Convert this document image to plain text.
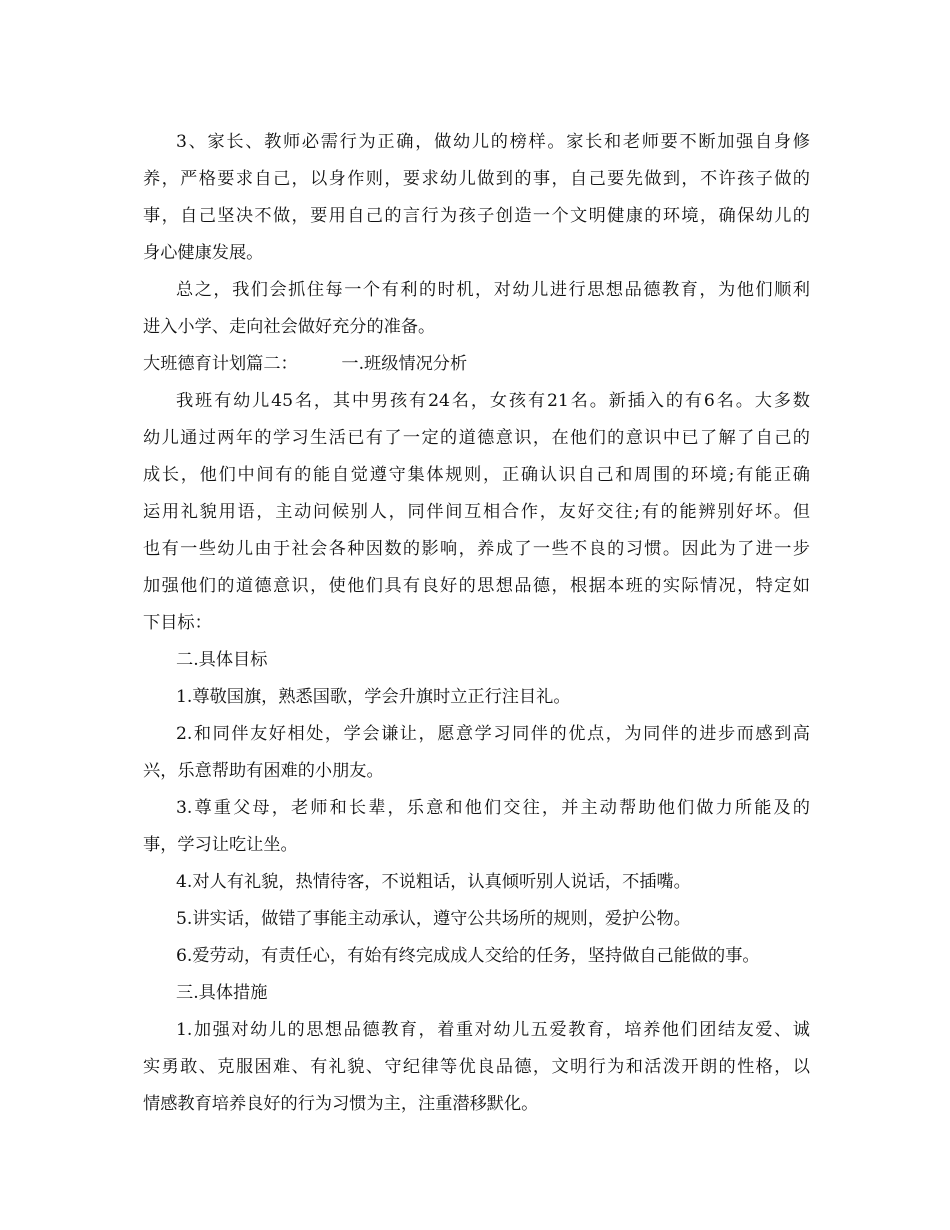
3、家长、教师必需行为正确，做幼儿的榜样。家长和老师要不断加强自身修
养，严格要求自己，以身作则，要求幼儿做到的事，自己要先做到，不许孩子做的
事，自己坚决不做，要用自己的言行为孩子创造一个文明健康的环境，确保幼儿的
身心健康发展。
总之，我们会抓住每一个有利的时机，对幼儿进行思想品德教育，为他们顺利
进入小学、走向社会做好充分的准备。
大班德育计划篇二：        一.班级情况分析
我班有幼儿45名，其中男孩有24名，女孩有21名。新插入的有6名。大多数
幼儿通过两年的学习生活已有了一定的道德意识，在他们的意识中已了解了自己的
成长，他们中间有的能自觉遵守集体规则，正确认识自己和周围的环境;有能正确
运用礼貌用语，主动问候别人，同伴间互相合作，友好交往;有的能辨别好坏。但
也有一些幼儿由于社会各种因数的影响，养成了一些不良的习惯。因此为了进一步
加强他们的道德意识，使他们具有良好的思想品德，根据本班的实际情况，特定如
下目标：
二.具体目标
1.尊敬国旗，熟悉国歌，学会升旗时立正行注目礼。
2.和同伴友好相处，学会谦让，愿意学习同伴的优点，为同伴的进步而感到高
兴，乐意帮助有困难的小朋友。
3.尊重父母，老师和长辈，乐意和他们交往，并主动帮助他们做力所能及的
事，学习让吃让坐。
4.对人有礼貌，热情待客，不说粗话，认真倾听别人说话，不插嘴。
5.讲实话，做错了事能主动承认，遵守公共场所的规则，爱护公物。
6.爱劳动，有责任心，有始有终完成成人交给的任务，坚持做自己能做的事。
三.具体措施
1.加强对幼儿的思想品德教育，着重对幼儿五爱教育，培养他们团结友爱、诚
实勇敢、克服困难、有礼貌、守纪律等优良品德，文明行为和活泼开朗的性格，以
情感教育培养良好的行为习惯为主，注重潜移默化。
